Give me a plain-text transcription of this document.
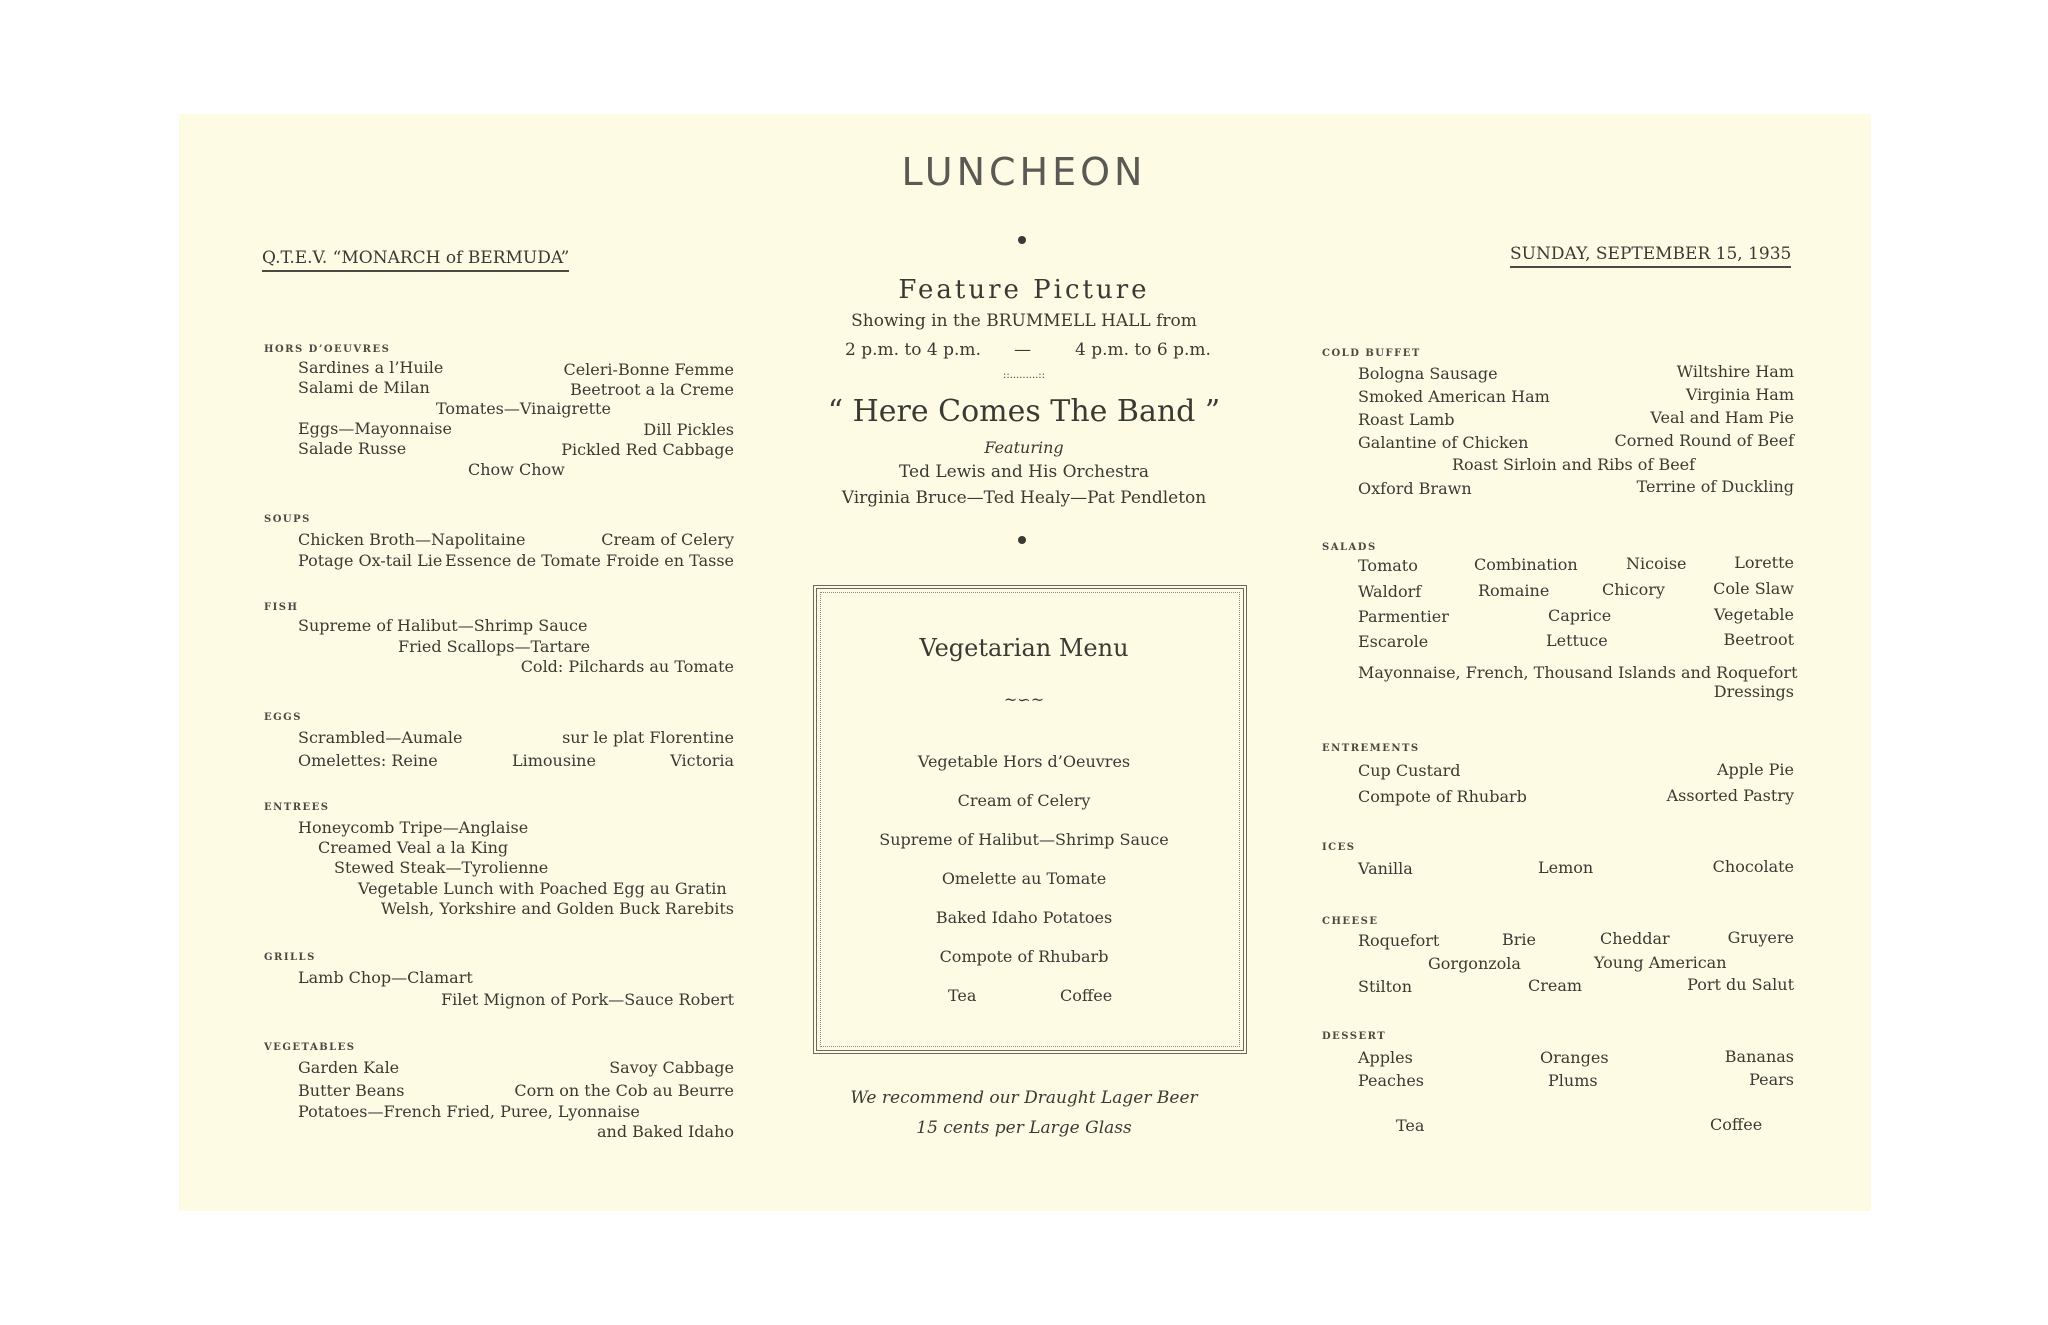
LUNCHEON
Q.T.E.V. “MONARCH of BERMUDA”	SUNDAY, SEPTEMBER 15, 1935
Feature Picture
Showing in the BRUMMELL HALL from
2 p.m. to 4 p.m. —	4 p.m. to 6 p.m.
::.........::
“ Here Comes The Band ”
Featuring
Ted Lewis and His Orchestra
Virginia Bruce—Ted Healy—Pat Pendleton
Vegetarian Menu
~∽~
Vegetable Hors d’Oeuvres
Cream of Celery
Supreme of Halibut—Shrimp Sauce
Omelette au Tomate
Baked Idaho Potatoes
Compote of Rhubarb
Tea	Coffee
We recommend our Draught Lager Beer
15 cents per Large Glass
HORS D’OEUVRES
Sardines a l’Huile	Celeri-Bonne Femme
Salami de Milan	Beetroot a la Creme
Tomates—Vinaigrette
Eggs—Mayonnaise	Dill Pickles
Salade Russe	Pickled Red Cabbage
Chow Chow
SOUPS
Chicken Broth—Napolitaine	Cream of Celery
Potage Ox-tail Lie Essence de Tomate Froide en Tasse
FISH
Supreme of Halibut—Shrimp Sauce
Fried Scallops—Tartare
Cold: Pilchards au Tomate
EGGS
Scrambled—Aumale	sur le plat Florentine
Omelettes: Reine	Limousine	Victoria
ENTREES
Honeycomb Tripe—Anglaise
Creamed Veal a la King
Stewed Steak—Tyrolienne
Vegetable Lunch with Poached Egg au Gratin
Welsh, Yorkshire and Golden Buck Rarebits
GRILLS
Lamb Chop—Clamart
Filet Mignon of Pork—Sauce Robert
VEGETABLES
Garden Kale	Savoy Cabbage
Butter Beans	Corn on the Cob au Beurre
Potatoes—French Fried, Puree, Lyonnaise
and Baked Idaho
COLD BUFFET
Bologna Sausage	Wiltshire Ham
Smoked American Ham	Virginia Ham
Roast Lamb	Veal and Ham Pie
Galantine of Chicken	Corned Round of Beef
Roast Sirloin and Ribs of Beef
Oxford Brawn	Terrine of Duckling
SALADS
Tomato	Combination	Nicoise	Lorette
Waldorf	Romaine	Chicory	Cole Slaw
Parmentier	Caprice	Vegetable
Escarole	Lettuce	Beetroot
Mayonnaise, French, Thousand Islands and Roquefort
Dressings
ENTREMENTS
Cup Custard	Apple Pie
Compote of Rhubarb	Assorted Pastry
ICES
Vanilla	Lemon	Chocolate
CHEESE
Roquefort	Brie	Cheddar	Gruyere
Gorgonzola	Young American
Stilton	Cream	Port du Salut
DESSERT
Apples	Oranges	Bananas
Peaches	Plums	Pears
Tea	Coffee
